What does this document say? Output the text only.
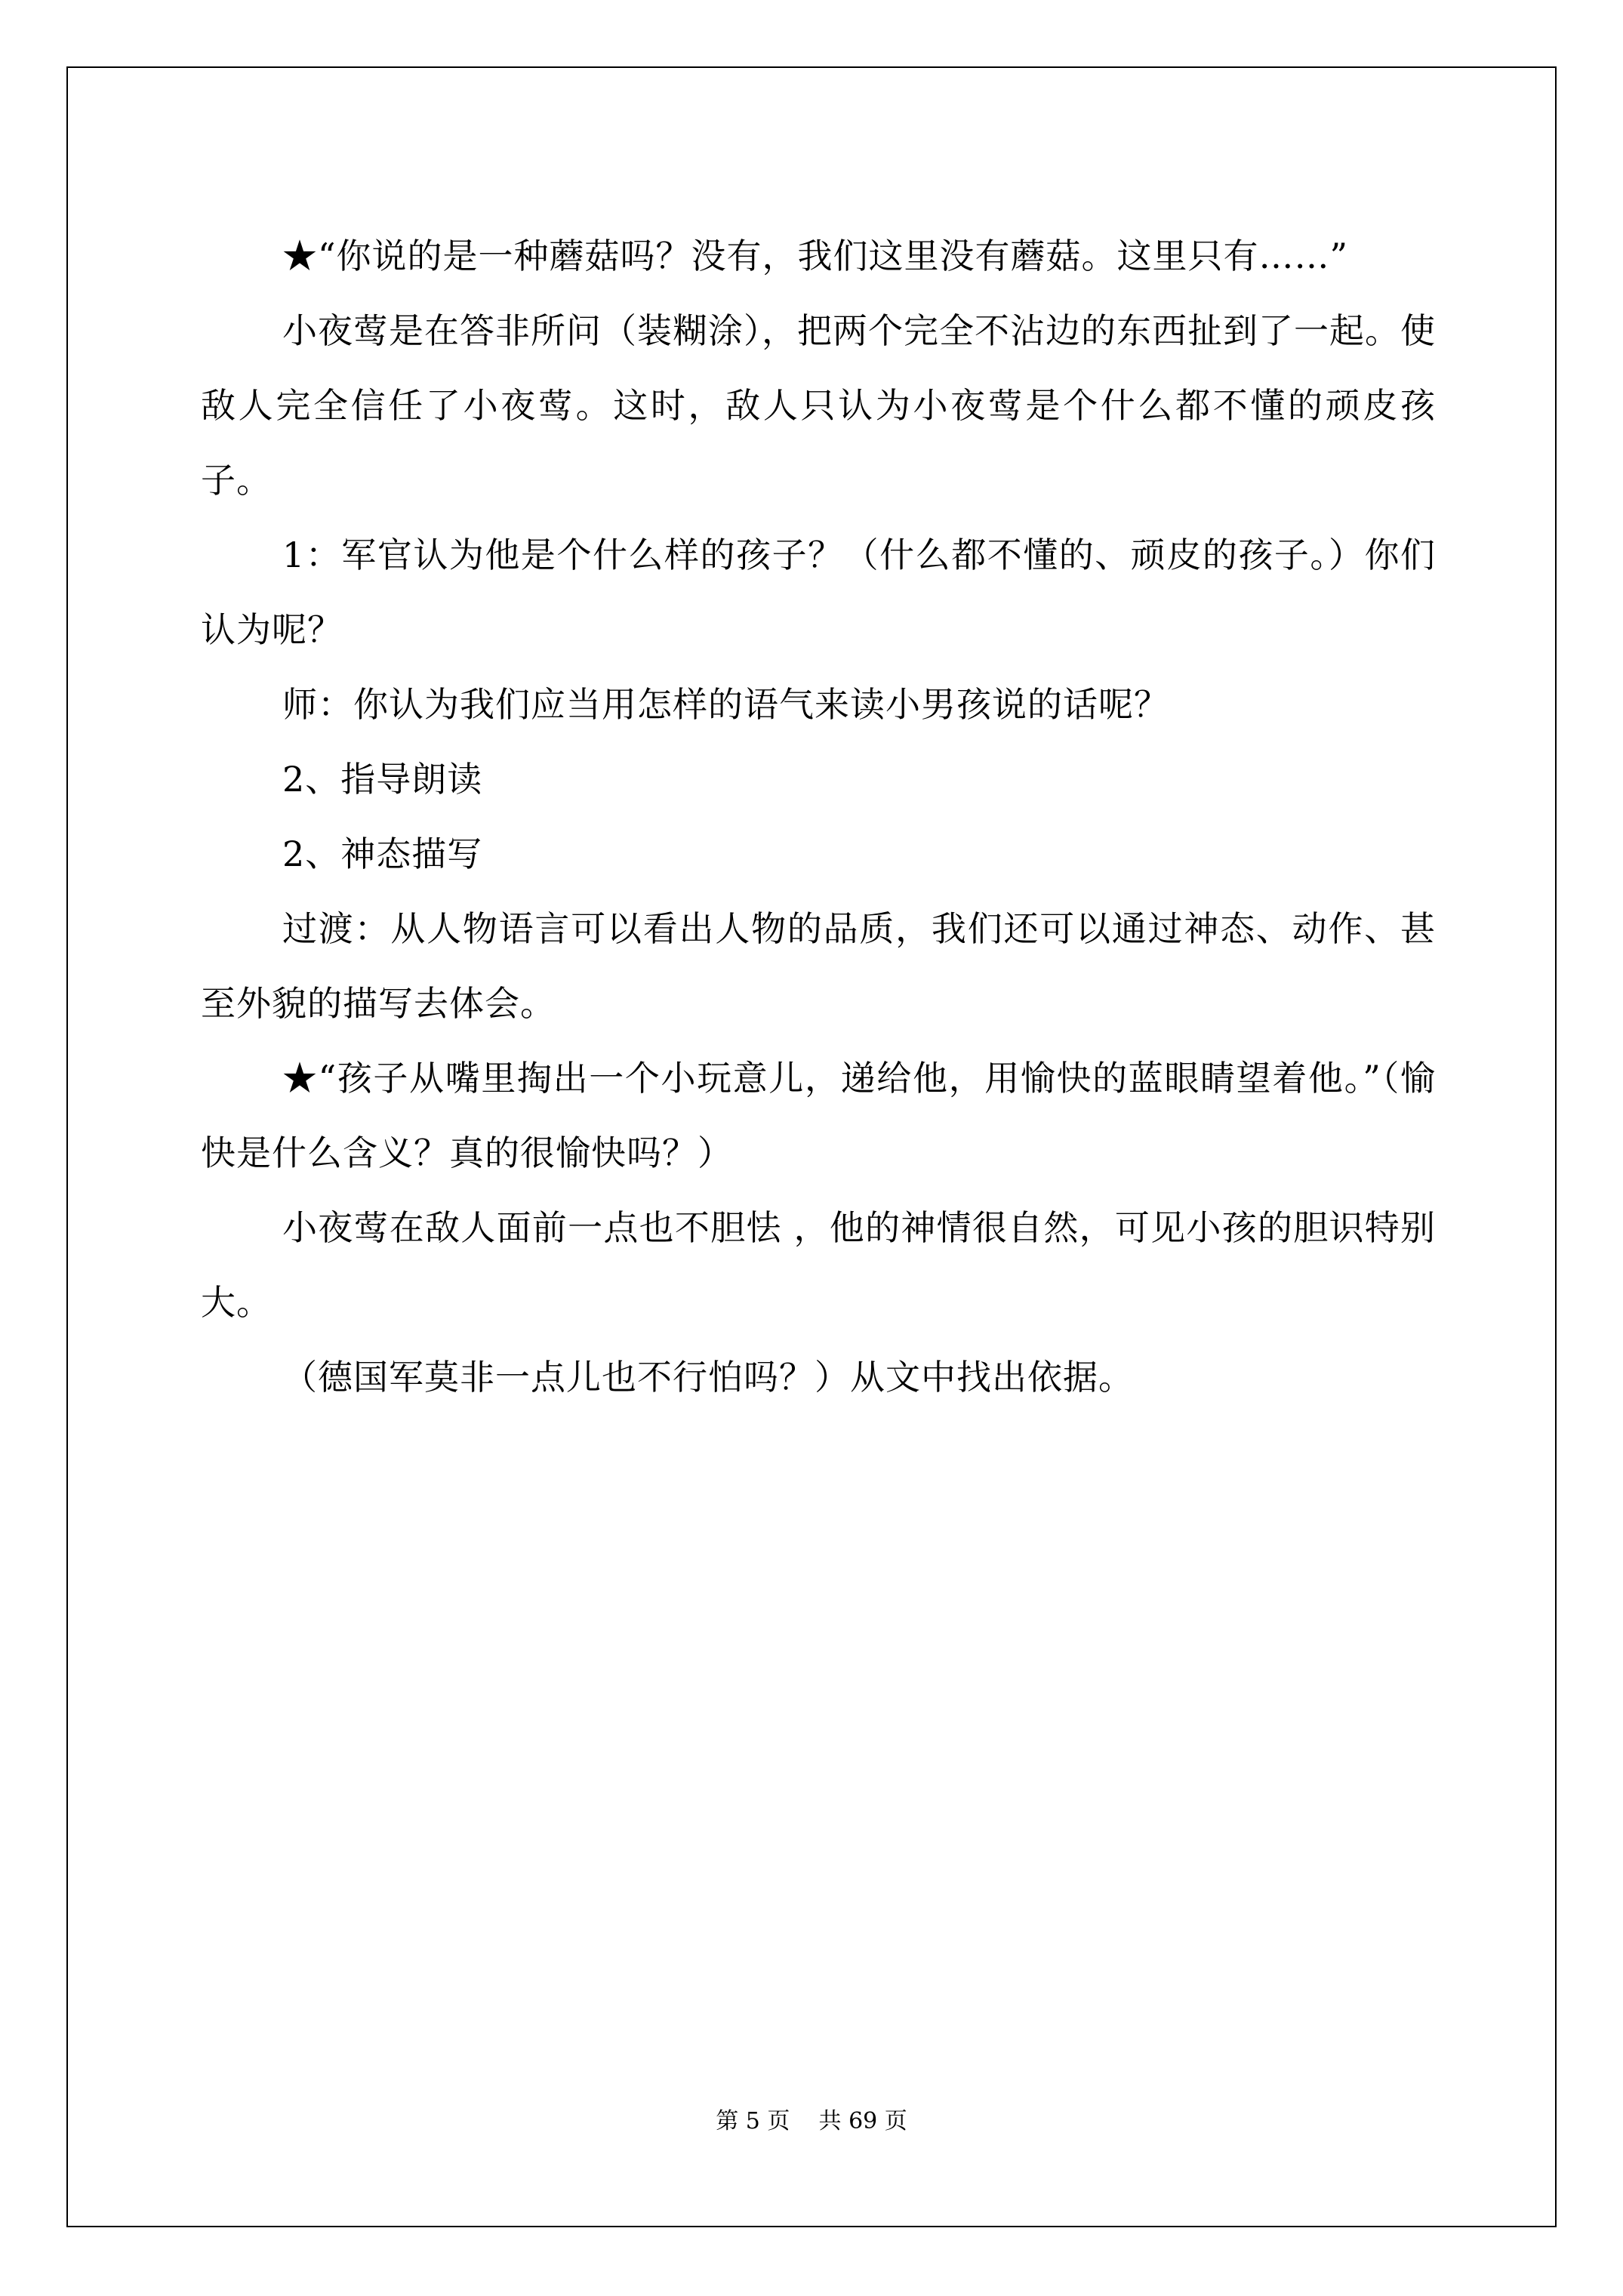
★“你说的是一种蘑菇吗？没有，我们这里没有蘑菇。这里只有……”

小夜莺是在答非所问（装糊涂），把两个完全不沾边的东西扯到了一起。使敌人完全信任了小夜莺。这时，敌人只认为小夜莺是个什么都不懂的顽皮孩子。

1：军官认为他是个什么样的孩子？（什么都不懂的、顽皮的孩子。）你们认为呢？

师：你认为我们应当用怎样的语气来读小男孩说的话呢？

2、指导朗读

2、神态描写

过渡：从人物语言可以看出人物的品质，我们还可以通过神态、动作、甚至外貌的描写去体会。

★“孩子从嘴里掏出一个小玩意儿，递给他，用愉快的蓝眼睛望着他。”（愉快是什么含义？真的很愉快吗？）

小夜莺在敌人面前一点也不胆怯 ，他的神情很自然，可见小孩的胆识特别大。

（德国军莫非一点儿也不行怕吗？）从文中找出依据。

第 5 页 共 69 页
